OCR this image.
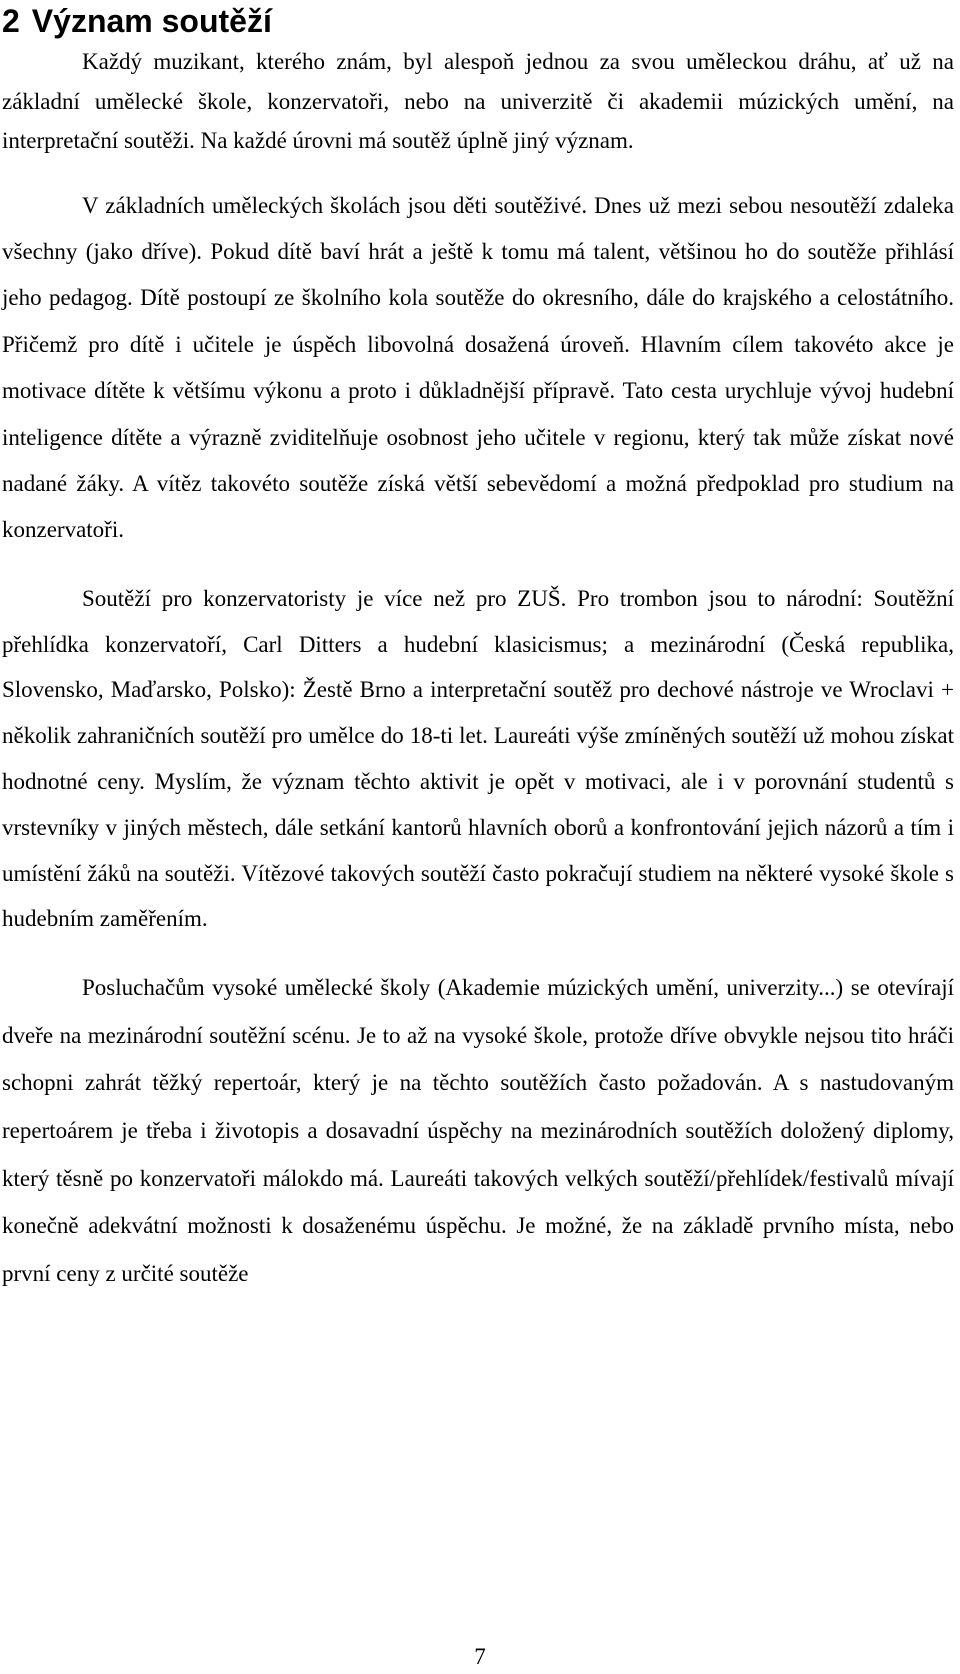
2 Význam soutěží

Každý muzikant, kterého znám, byl alespoň jednou za svou uměleckou dráhu, ať už na základní umělecké škole, konzervatoři, nebo na univerzitě či akademii múzických umění, na interpretační soutěži. Na každé úrovni má soutěž úplně jiný význam.

V základních uměleckých školách jsou děti soutěživé. Dnes už mezi sebou nesoutěží zdaleka všechny (jako dříve). Pokud dítě baví hrát a ještě k tomu má talent, většinou ho do soutěže přihlásí jeho pedagog. Dítě postoupí ze školního kola soutěže do okresního, dále do krajského a celostátního. Přičemž pro dítě i učitele je úspěch libovolná dosažená úroveň. Hlavním cílem takovéto akce je motivace dítěte k většímu výkonu a proto i důkladnější přípravě. Tato cesta urychluje vývoj hudební inteligence dítěte a výrazně zviditelňuje osobnost jeho učitele v regionu, který tak může získat nové nadané žáky. A vítěz takovéto soutěže získá větší sebevědomí a možná předpoklad pro studium na konzervatoři.

Soutěží pro konzervatoristy je více než pro ZUŠ. Pro trombon jsou to národní: Soutěžní přehlídka konzervatoří, Carl Ditters a hudební klasicismus; a mezinárodní (Česká republika, Slovensko, Maďarsko, Polsko): Žestě Brno a interpretační soutěž pro dechové nástroje ve Wroclavi + několik zahraničních soutěží pro umělce do 18-ti let. Laureáti výše zmíněných soutěží už mohou získat hodnotné ceny. Myslím, že význam těchto aktivit je opět v motivaci, ale i v porovnání studentů s vrstevníky v jiných městech, dále setkání kantorů hlavních oborů a konfrontování jejich názorů a tím i umístění žáků na soutěži. Vítězové takových soutěží často pokračují studiem na některé vysoké škole s hudebním zaměřením.

Posluchačům vysoké umělecké školy (Akademie múzických umění, univerzity...) se otevírají dveře na mezinárodní soutěžní scénu. Je to až na vysoké škole, protože dříve obvykle nejsou tito hráči schopni zahrát těžký repertoár, který je na těchto soutěžích často požadován. A s nastudovaným repertoárem je třeba i životopis a dosavadní úspěchy na mezinárodních soutěžích doložený diplomy, který těsně po konzervatoři málokdo má. Laureáti takových velkých soutěží/přehlídek/festivalů mívají konečně adekvátní možnosti k dosaženému úspěchu. Je možné, že na základě prvního místa, nebo první ceny z určité soutěže

7
